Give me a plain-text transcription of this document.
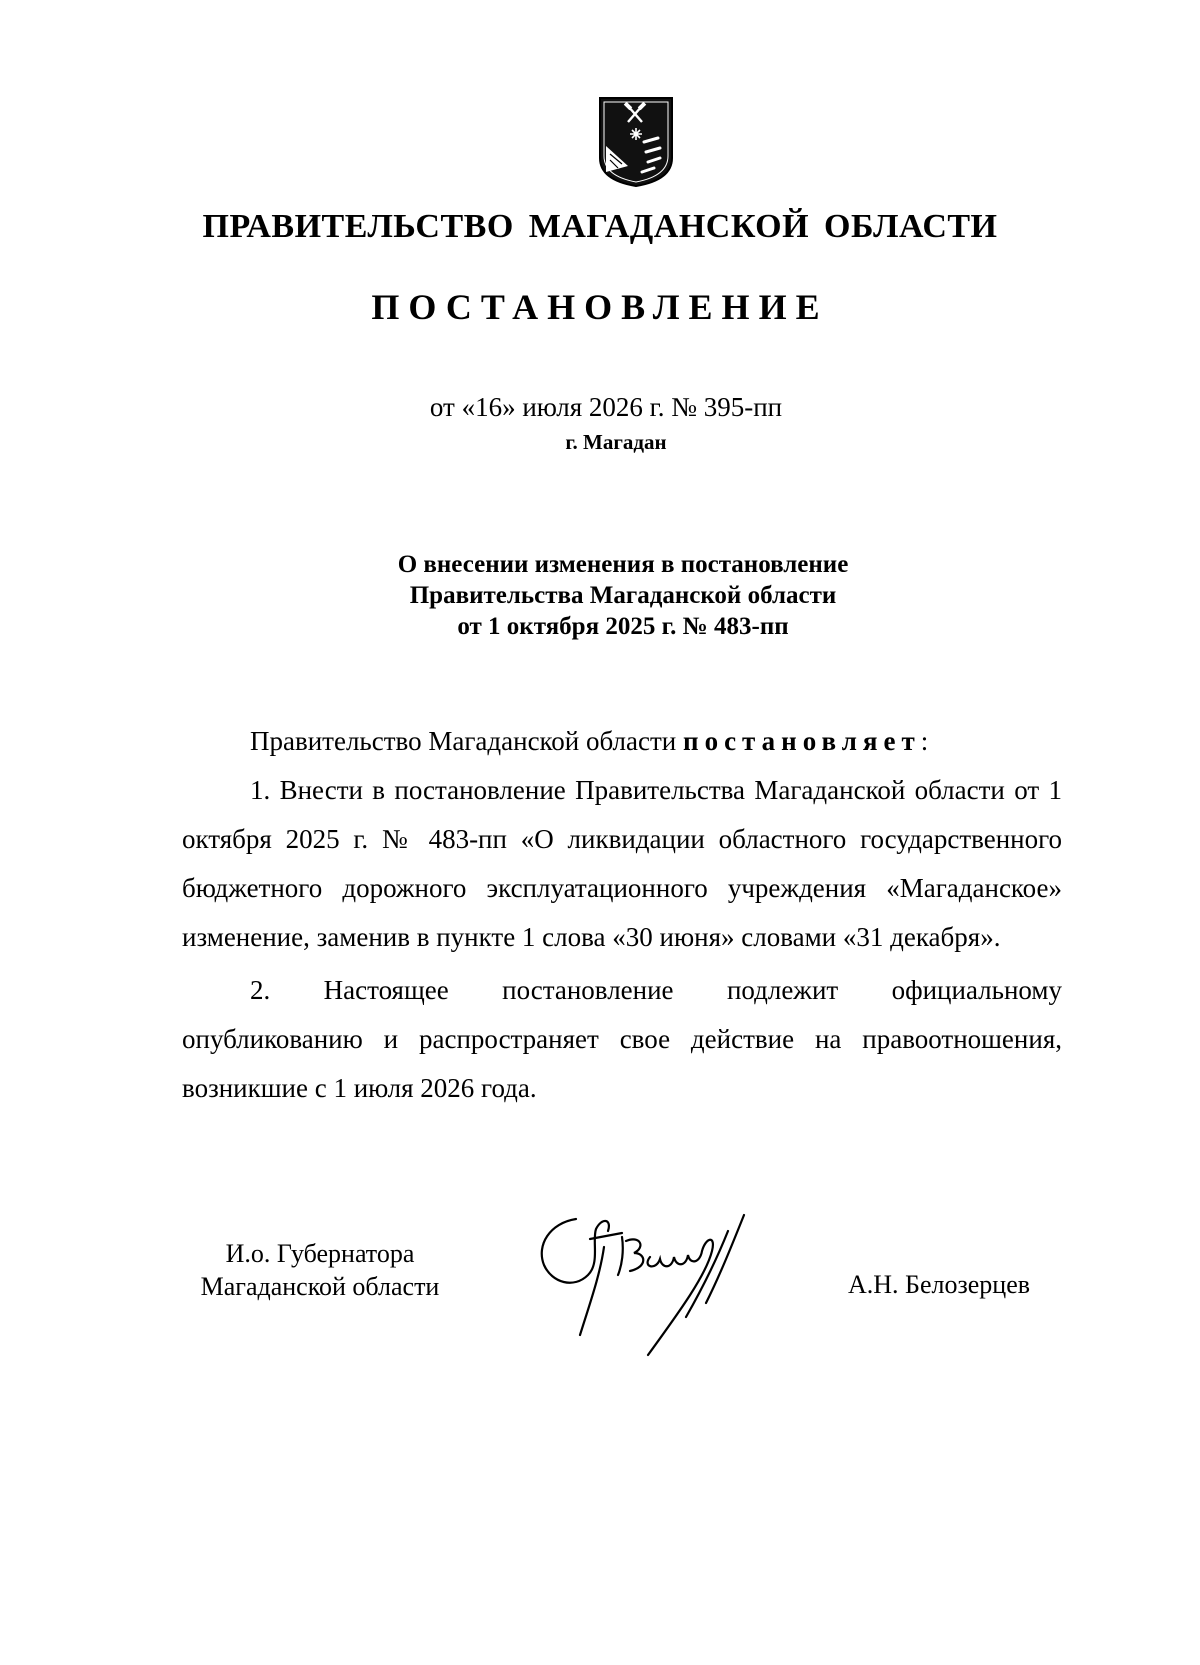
ПРАВИТЕЛЬСТВО МАГАДАНСКОЙ ОБЛАСТИ
ПОСТАНОВЛЕНИЕ
от «16» июля 2026 г. № 395-пп
г. Магадан
О внесении изменения в постановление
Правительства Магаданской области
от 1 октября 2025 г. № 483-пп

Правительство Магаданской области постановляет:

1. Внести в постановление Правительства Магаданской области от 1 октября 2025 г. № 483-пп «О ликвидации областного государственного бюджетного дорожного эксплуатационного учреждения «Магаданское» изменение, заменив в пункте 1 слова «30 июня» словами «31 декабря».

2. Настоящее постановление подлежит официальному опубликованию и распространяет свое действие на правоотношения, возникшие с 1 июля 2026 года.

И.о. Губернатора
Магаданской области	А.Н. Белозерцев
